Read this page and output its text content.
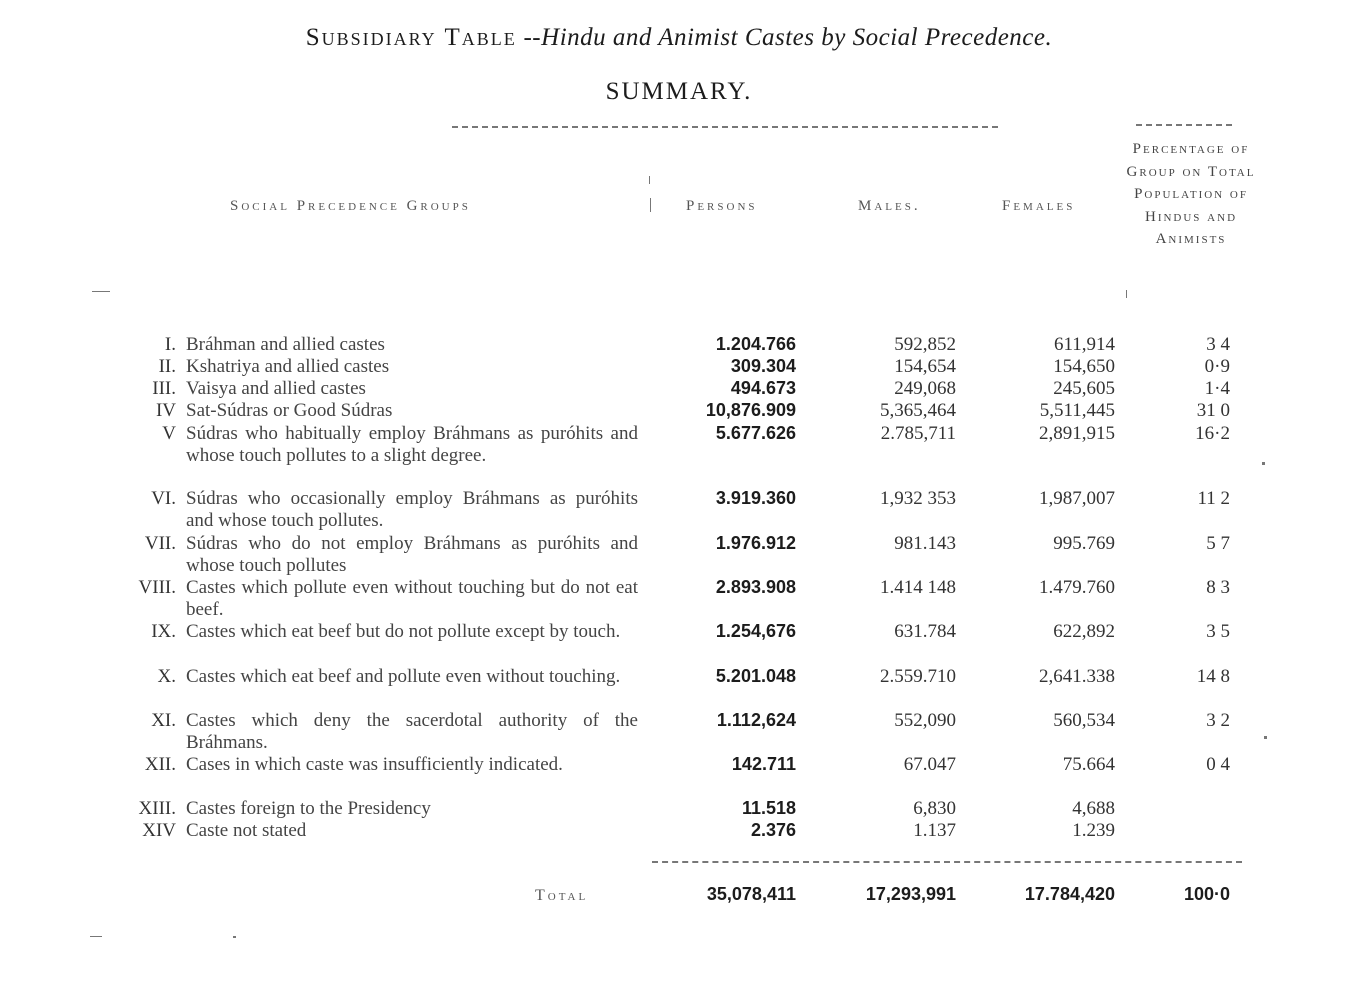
Subsidiary Table --Hindu and Animist Castes by Social Precedence.
SUMMARY.
Social Precedence Groups	Persons	Males.	Females
Percentage of Group on Total Population of Hindus and Animists
I. Bráhman and allied castes	1.204.766	592,852	611,914	3 4
II. Kshatriya and allied castes	309.304	154,654	154,650	0·9
III. Vaisya and allied castes	494.673	249,068	245,605	1·4
IV Sat-Súdras or Good Súdras	10,876.909	5,365,464	5,511,445	31 0
V Súdras who habitually employ Bráhmans as puróhits and whose touch pollutes to a slight degree.
5.677.626	2.785,711	2,891,915	16·2
VI. Súdras who occasionally employ Bráhmans as puróhits and whose touch pollutes.
3.919.360	1,932 353	1,987,007	11 2
VII. Súdras who do not employ Bráhmans as puróhits and whose touch pollutes
1.976.912	981.143	995.769	5 7
VIII. Castes which pollute even without touching but do not eat beef.
2.893.908	1.414 148	1.479.760	8 3
IX. Castes which eat beef but do not pollute except by touch.	1.254,676	631.784	622,892	3 5
X. Castes which eat beef and pollute even without touching.	5.201.048	2.559.710	2,641.338	14 8
XI. Castes which deny the sacerdotal authority of the Bráhmans.
1.112,624	552,090	560,534	3 2
XII. Cases in which caste was insufficiently indicated.	142.711	67.047	75.664	0 4
XIII. Castes foreign to the Presidency	11.518	6,830	4,688
XIV Caste not stated	2.376	1.137	1.239
Total	35,078,411	17,293,991	17.784,420	100·0
